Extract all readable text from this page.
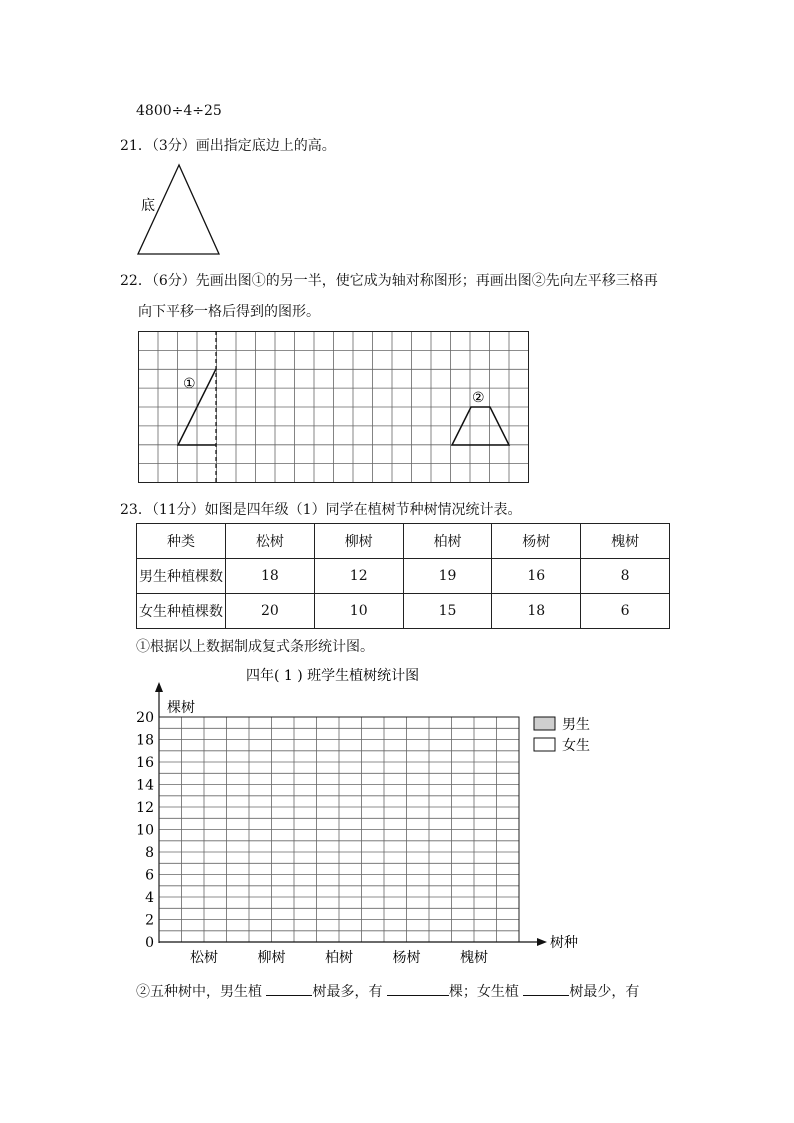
4800÷4÷25
21．（3分）画出指定底边上的高。
底
22．（6分）先画出图①的另一半，使它成为轴对称图形；再画出图②先向左平移三格再
向下平移一格后得到的图形。
①
②
23．（11分）如图是四年级（1）同学在植树节种树情况统计表。
种类	松树	柳树	柏树	杨树	槐树
男生种植棵数	18	12	19	16	8
女生种植棵数	20	10	15	18	6
①根据以上数据制成复式条形统计图。
四年( 1 ) 班学生植树统计图
棵树
树种
0
2
4
6
8
10
12
14
16
18
20
松树	柳树	柏树	杨树	槐树
男生
女生
②五种树中，男生植	树最多，有	棵；女生植	树最少，有
